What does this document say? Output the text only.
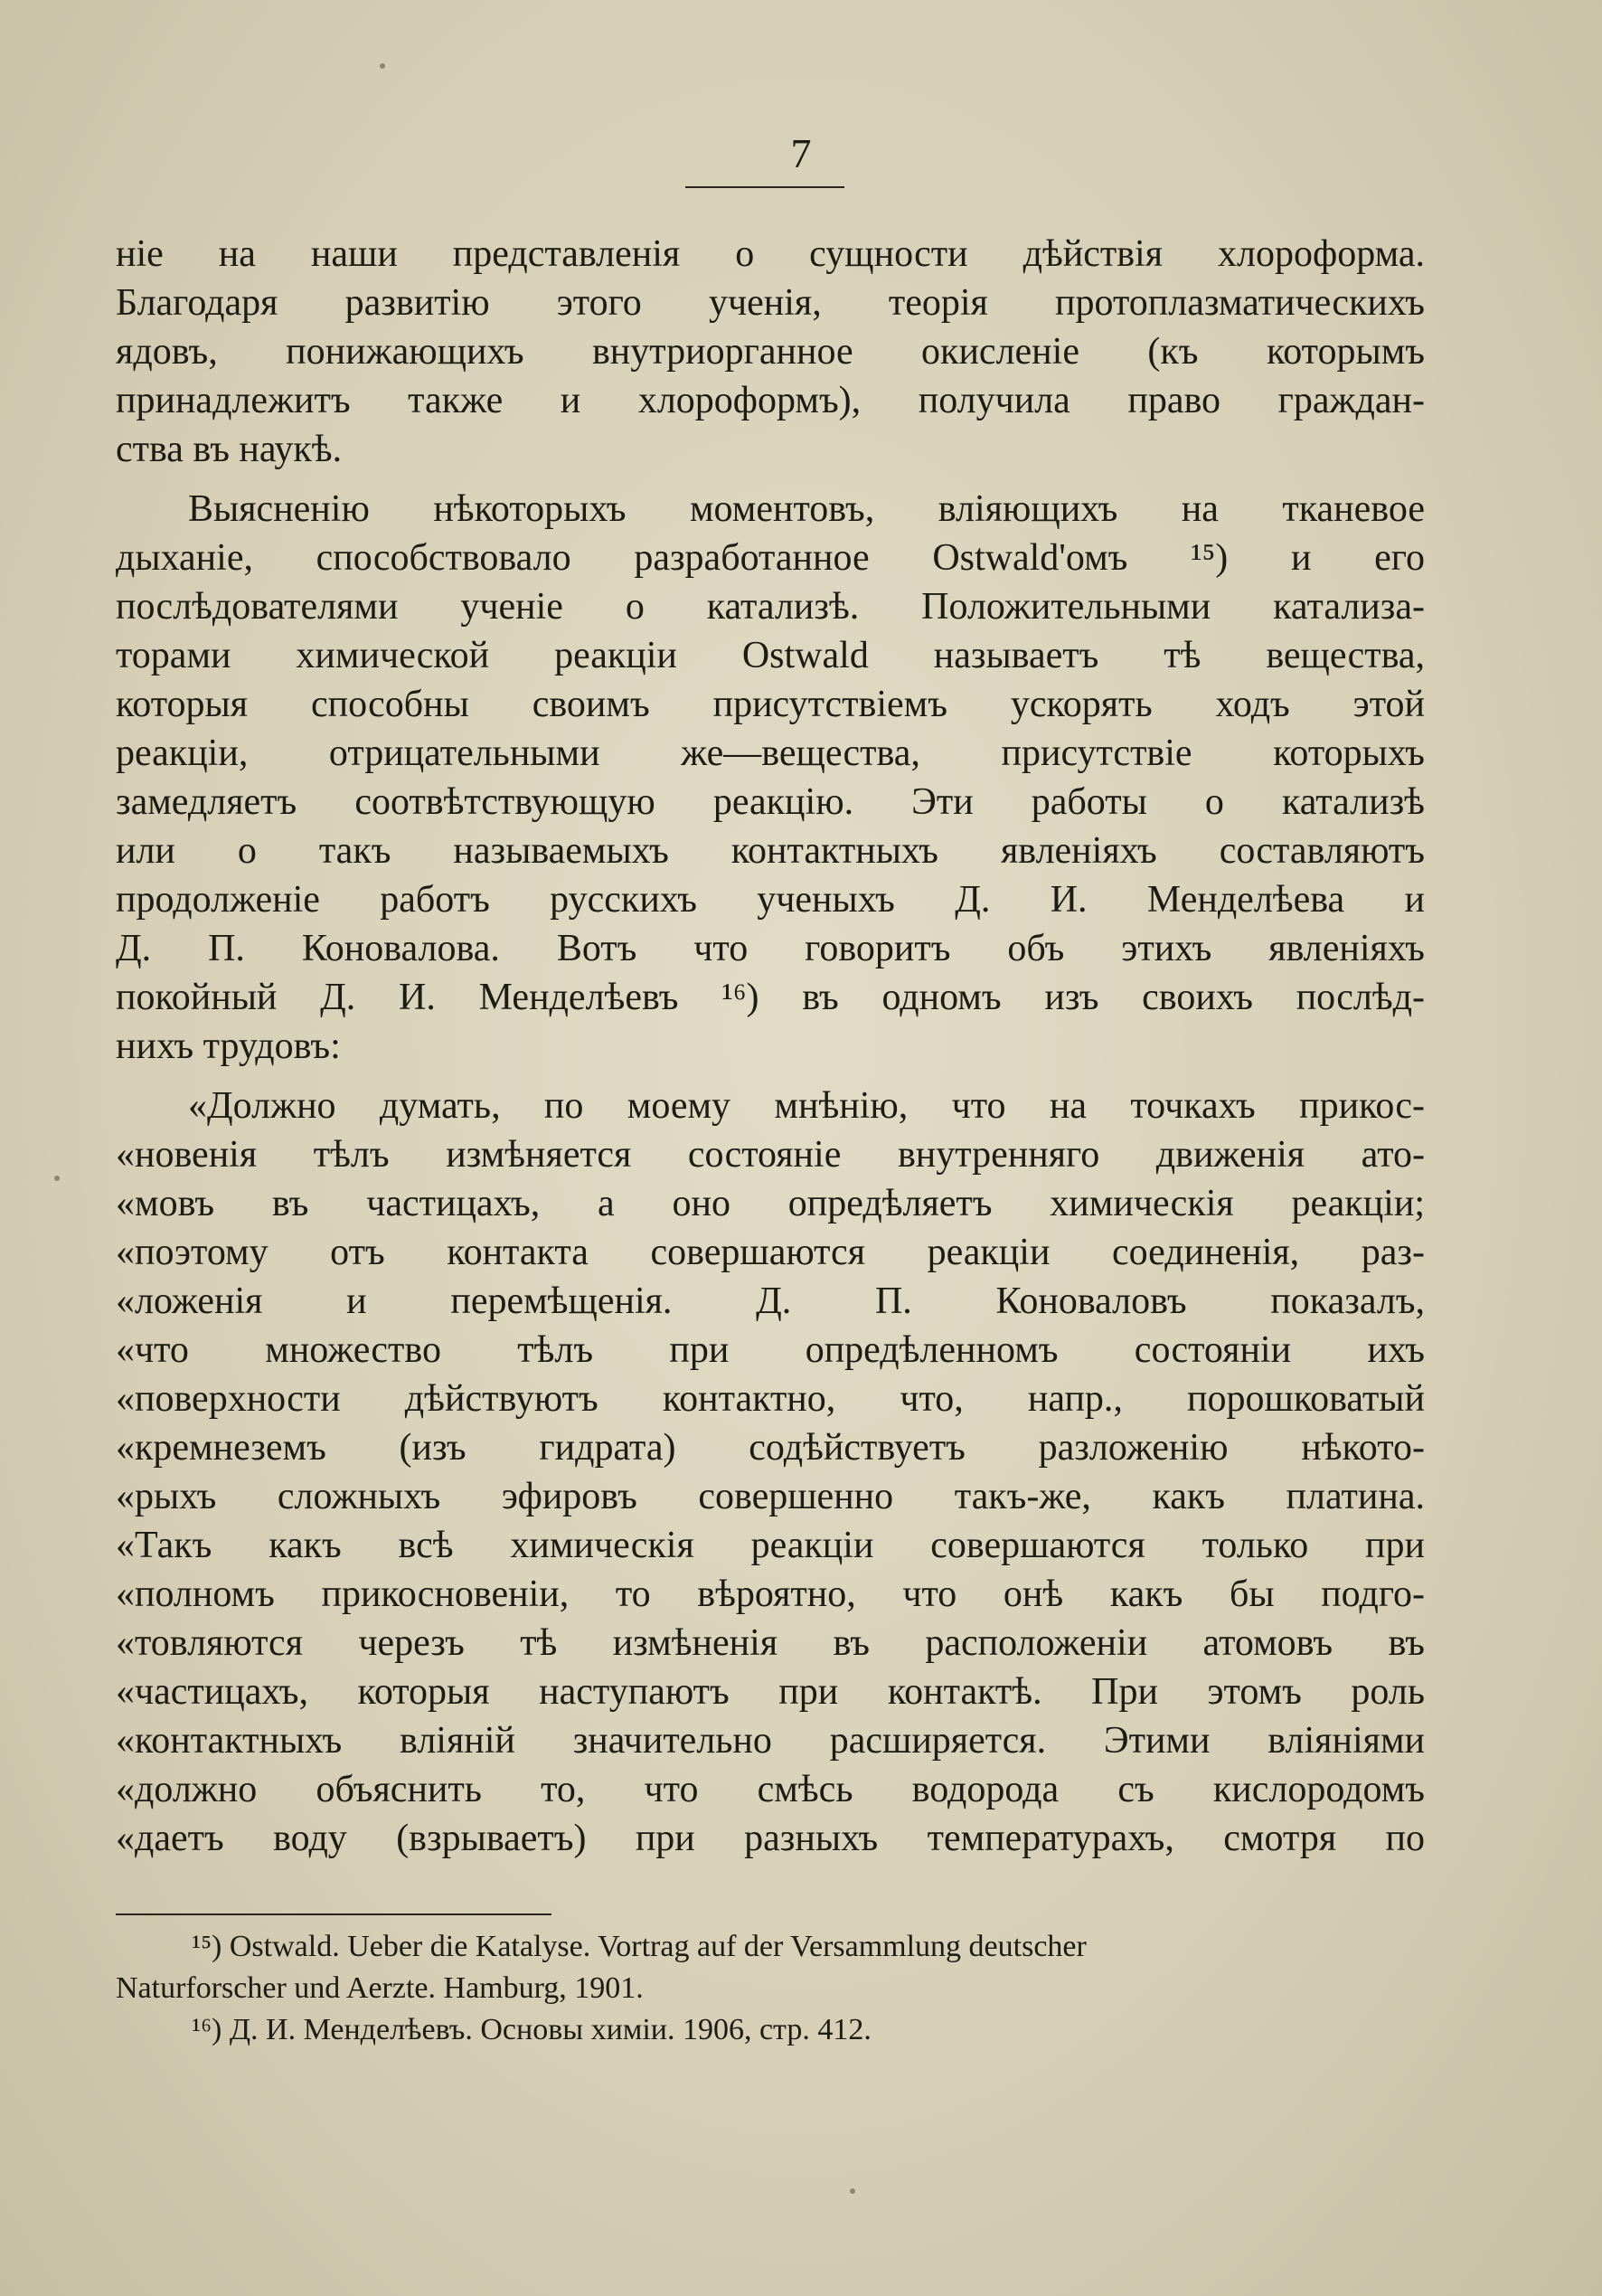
7

ніе на наши представленія о сущности дѣйствія хлороформа.
Благодаря развитію этого ученія, теорія протоплазматическихъ
ядовъ, понижающихъ внутриорганное окисленіе (къ которымъ
принадлежитъ также и хлороформъ), получила право граждан-
ства въ наукѣ.

Выясненію нѣкоторыхъ моментовъ, вліяющихъ на тканевое
дыханіе, способствовало разработанное Ostwald'омъ ¹⁵) и его
послѣдователями ученіе о катализѣ. Положительными катализа-
торами химической реакціи Ostwald называетъ тѣ вещества,
которыя способны своимъ присутствіемъ ускорять ходъ этой
реакціи, отрицательными же—вещества, присутствіе которыхъ
замедляетъ соотвѣтствующую реакцію. Эти работы о катализѣ
или о такъ называемыхъ контактныхъ явленіяхъ составляютъ
продолженіе работъ русскихъ ученыхъ Д. И. Менделѣева и
Д. П. Коновалова. Вотъ что говоритъ объ этихъ явленіяхъ
покойный Д. И. Менделѣевъ ¹⁶) въ одномъ изъ своихъ послѣд-
нихъ трудовъ:

«Должно думать, по моему мнѣнію, что на точкахъ прикос-
«новенія тѣлъ измѣняется состояніе внутренняго движенія ато-
«мовъ въ частицахъ, а оно опредѣляетъ химическія реакціи;
«поэтому отъ контакта совершаются реакціи соединенія, раз-
«ложенія и перемѣщенія. Д. П. Коноваловъ показалъ,
«что множество тѣлъ при опредѣленномъ состояніи ихъ
«поверхности дѣйствуютъ контактно, что, напр., порошковатый
«кремнеземъ (изъ гидрата) содѣйствуетъ разложенію нѣкото-
«рыхъ сложныхъ эфировъ совершенно такъ-же, какъ платина.
«Такъ какъ всѣ химическія реакціи совершаются только при
«полномъ прикосновеніи, то вѣроятно, что онѣ какъ бы подго-
«товляются черезъ тѣ измѣненія въ расположеніи атомовъ въ
«частицахъ, которыя наступаютъ при контактѣ. При этомъ роль
«контактныхъ вліяній значительно расширяется. Этими вліяніями
«должно объяснить то, что смѣсь водорода съ кислородомъ
«даетъ воду (взрываетъ) при разныхъ температурахъ, смотря по

¹⁵) Ostwald. Ueber die Katalyse. Vortrag auf der Versammlung deutscher
Naturforscher und Aerzte. Hamburg, 1901.
¹⁶) Д. И. Менделѣевъ. Основы химіи. 1906, стр. 412.
